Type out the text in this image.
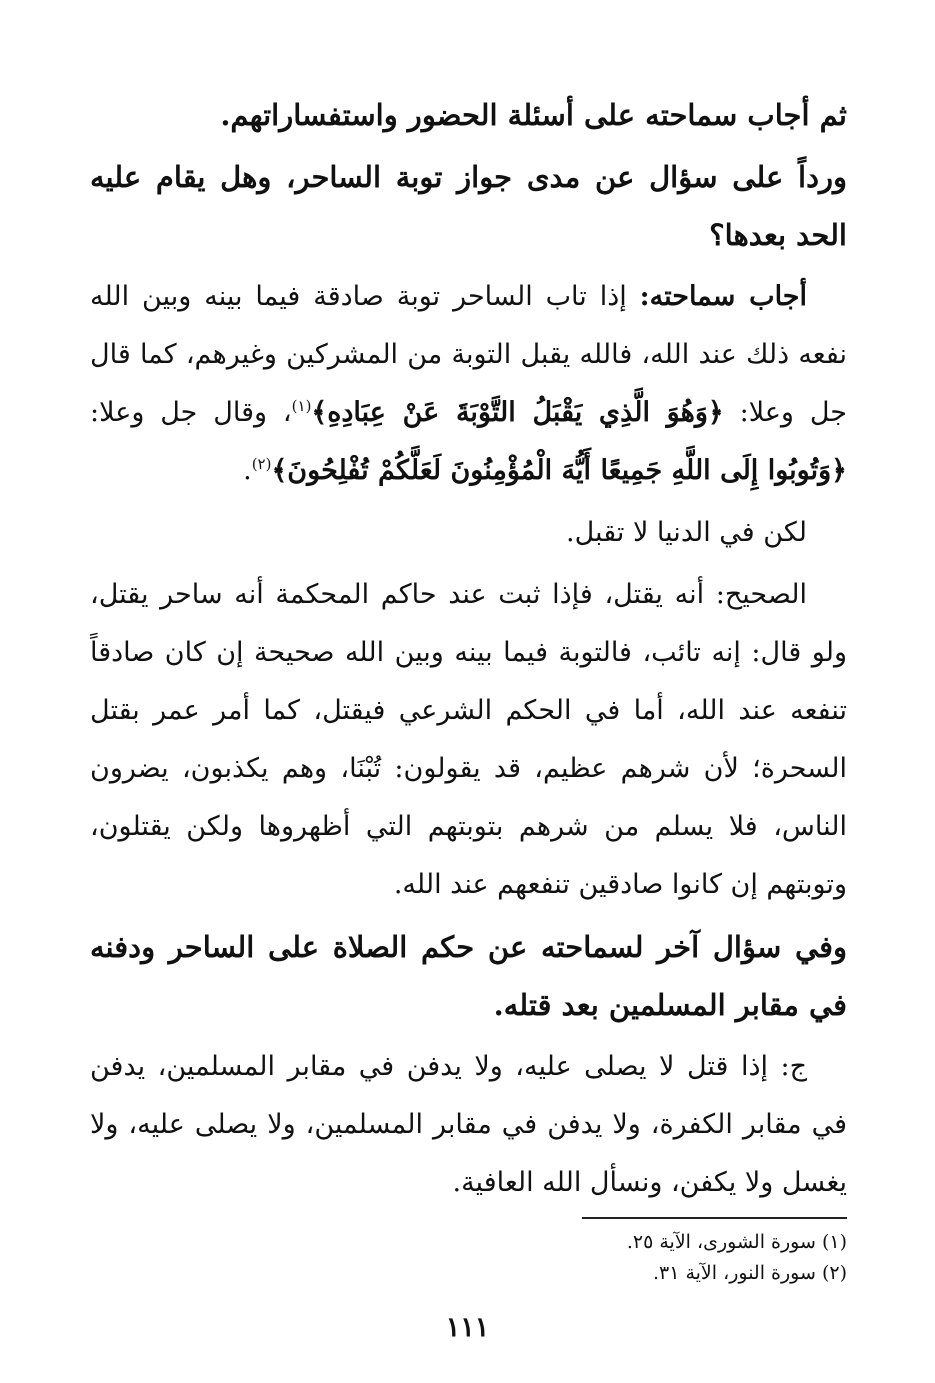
ثم أجاب سماحته على أسئلة الحضور واستفساراتهم.

ورداً على سؤال عن مدى جواز توبة الساحر، وهل يقام عليه الحد بعدها؟

أجاب سماحته: إذا تاب الساحر توبة صادقة فيما بينه وبين الله نفعه ذلك عند الله، فالله يقبل التوبة من المشركين وغيرهم، كما قال جل وعلا: ﴿وَهُوَ الَّذِي يَقْبَلُ التَّوْبَةَ عَنْ عِبَادِهِ﴾$^{(١)}$، وقال جل وعلا: ﴿وَتُوبُوا إِلَى اللَّهِ جَمِيعًا أَيُّهَ الْمُؤْمِنُونَ لَعَلَّكُمْ تُفْلِحُونَ﴾$^{(٢)}$.

لكن في الدنيا لا تقبل.

الصحيح: أنه يقتل، فإذا ثبت عند حاكم المحكمة أنه ساحر يقتل، ولو قال: إنه تائب، فالتوبة فيما بينه وبين الله صحيحة إن كان صادقاً تنفعه عند الله، أما في الحكم الشرعي فيقتل، كما أمر عمر بقتل السحرة؛ لأن شرهم عظيم، قد يقولون: تُبْنَا، وهم يكذبون، يضرون الناس، فلا يسلم من شرهم بتوبتهم التي أظهروها ولكن يقتلون، وتوبتهم إن كانوا صادقين تنفعهم عند الله.

وفي سؤال آخر لسماحته عن حكم الصلاة على الساحر ودفنه في مقابر المسلمين بعد قتله.

ج: إذا قتل لا يصلى عليه، ولا يدفن في مقابر المسلمين، يدفن في مقابر الكفرة، ولا يدفن في مقابر المسلمين، ولا يصلى عليه، ولا يغسل ولا يكفن، ونسأل الله العافية.

(١) سورة الشورى، الآية ٢٥.

(٢) سورة النور، الآية ٣١.

١١١
